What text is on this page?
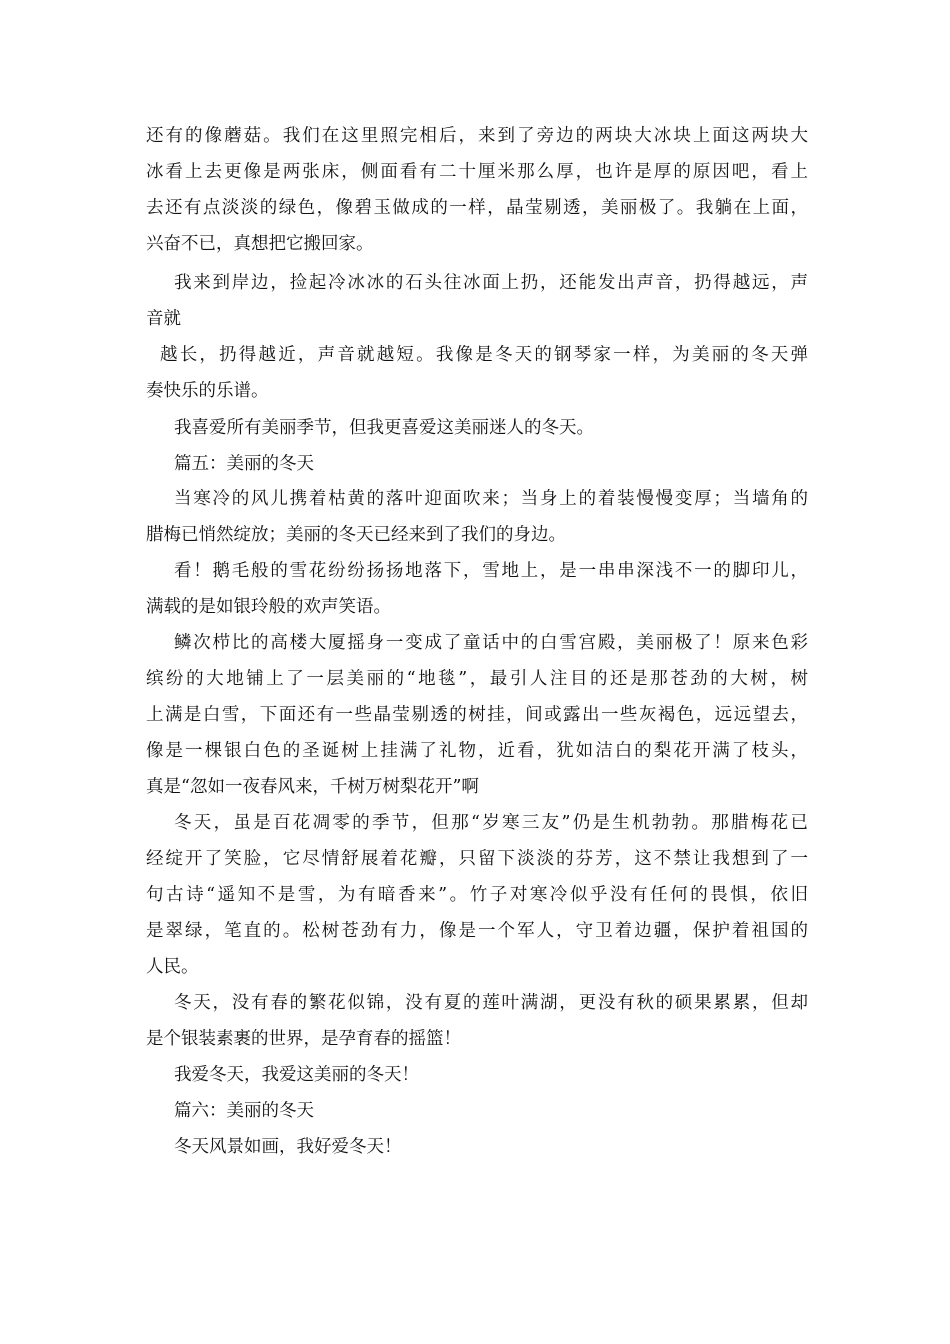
还有的像蘑菇。我们在这里照完相后，来到了旁边的两块大冰块上面这两块大
冰看上去更像是两张床，侧面看有二十厘米那么厚，也许是厚的原因吧，看上
去还有点淡淡的绿色，像碧玉做成的一样，晶莹剔透，美丽极了。我躺在上面，
兴奋不已，真想把它搬回家。
我来到岸边，捡起冷冰冰的石头往冰面上扔，还能发出声音，扔得越远，声
音就
越长，扔得越近，声音就越短。我像是冬天的钢琴家一样，为美丽的冬天弹
奏快乐的乐谱。
我喜爱所有美丽季节，但我更喜爱这美丽迷人的冬天。
篇五：美丽的冬天
当寒冷的风儿携着枯黄的落叶迎面吹来；当身上的着装慢慢变厚；当墙角的
腊梅已悄然绽放；美丽的冬天已经来到了我们的身边。
看！鹅毛般的雪花纷纷扬扬地落下，雪地上，是一串串深浅不一的脚印儿，
满载的是如银玲般的欢声笑语。
鳞次栉比的高楼大厦摇身一变成了童话中的白雪宫殿，美丽极了！原来色彩
缤纷的大地铺上了一层美丽的“地毯”，最引人注目的还是那苍劲的大树，树
上满是白雪，下面还有一些晶莹剔透的树挂，间或露出一些灰褐色，远远望去，
像是一棵银白色的圣诞树上挂满了礼物，近看，犹如洁白的梨花开满了枝头，
真是“忽如一夜春风来，千树万树梨花开”啊
冬天，虽是百花凋零的季节，但那“岁寒三友”仍是生机勃勃。那腊梅花已
经绽开了笑脸，它尽情舒展着花瓣，只留下淡淡的芬芳，这不禁让我想到了一
句古诗“遥知不是雪，为有暗香来”。竹子对寒冷似乎没有任何的畏惧，依旧
是翠绿，笔直的。松树苍劲有力，像是一个军人，守卫着边疆，保护着祖国的
人民。
冬天，没有春的繁花似锦，没有夏的莲叶满湖，更没有秋的硕果累累，但却
是个银装素裹的世界，是孕育春的摇篮！
我爱冬天，我爱这美丽的冬天！
篇六：美丽的冬天
冬天风景如画，我好爱冬天！
